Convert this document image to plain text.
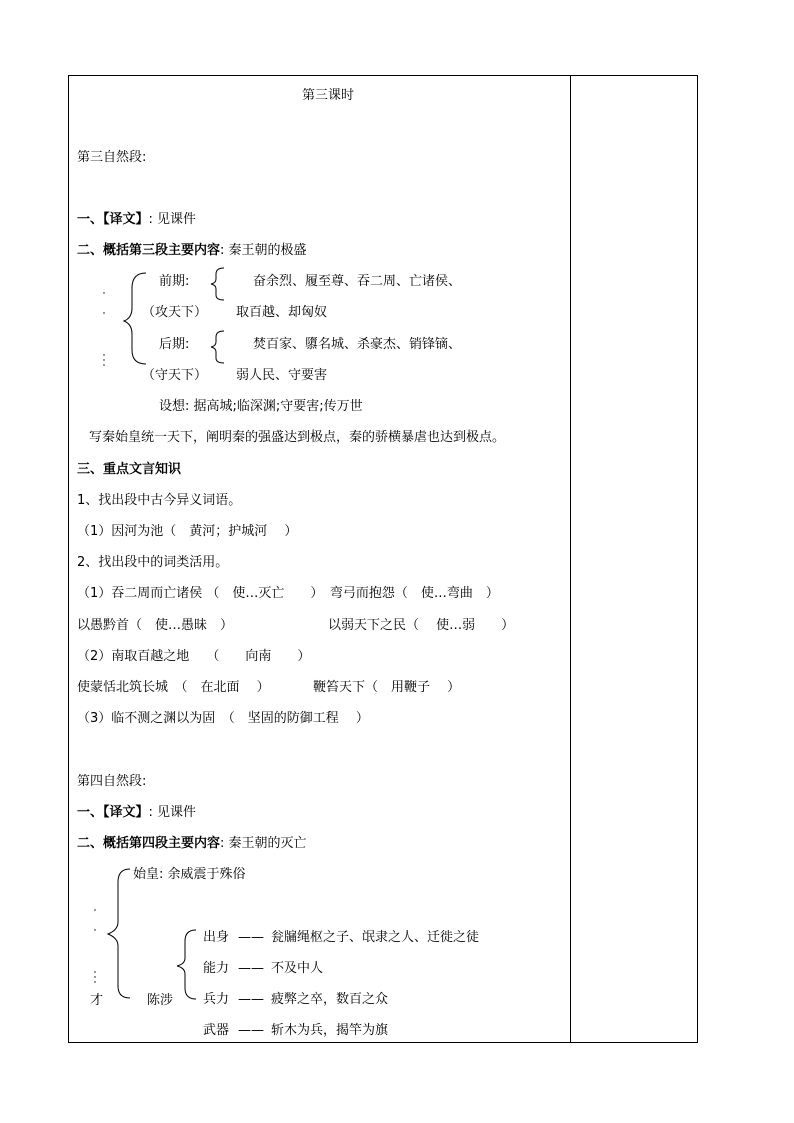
第三课时
第三自然段:
一、【译文】: 见课件
二、概括第三段主要内容: 秦王朝的极盛
前期:	奋余烈、履至尊、吞二周、亡诸侯、
（攻天下） 取百越、却匈奴
后期:	焚百家、隳名城、杀豪杰、销锋镝、
（守天下） 弱人民、守要害
设想: 据高城;临深渊;守要害;传万世
写秦始皇统一天下，阐明秦的强盛达到极点，秦的骄横暴虐也达到极点。
三、重点文言知识
1、找出段中古今异义词语。
（1）因河为池（　黄河；护城河　 ）
2、找出段中的词类活用。
（1）吞二周而亡诸侯 （　使…灭亡　　）　弯弓而抱怨（　使…弯曲　）
以愚黔首（　使…愚昧　）	以弱天下之民（　 使…弱　　）
（2）南取百越之地　 （　　向南　　）
使蒙恬北筑长城　（　在北面　 ）	鞭笞天下（　用鞭子　 ）
（3）临不测之渊以为固　（　坚固的防御工程　 ）
第四自然段:
一、【译文】: 见课件
二、概括第四段主要内容: 秦王朝的灭亡
始皇: 余威震于殊俗
才	陈涉
出身 —— 瓮牖绳枢之子、氓隶之人、迁徙之徒
能力 —— 不及中人
兵力 —— 疲弊之卒，数百之众
武器 —— 斩木为兵，揭竿为旗
